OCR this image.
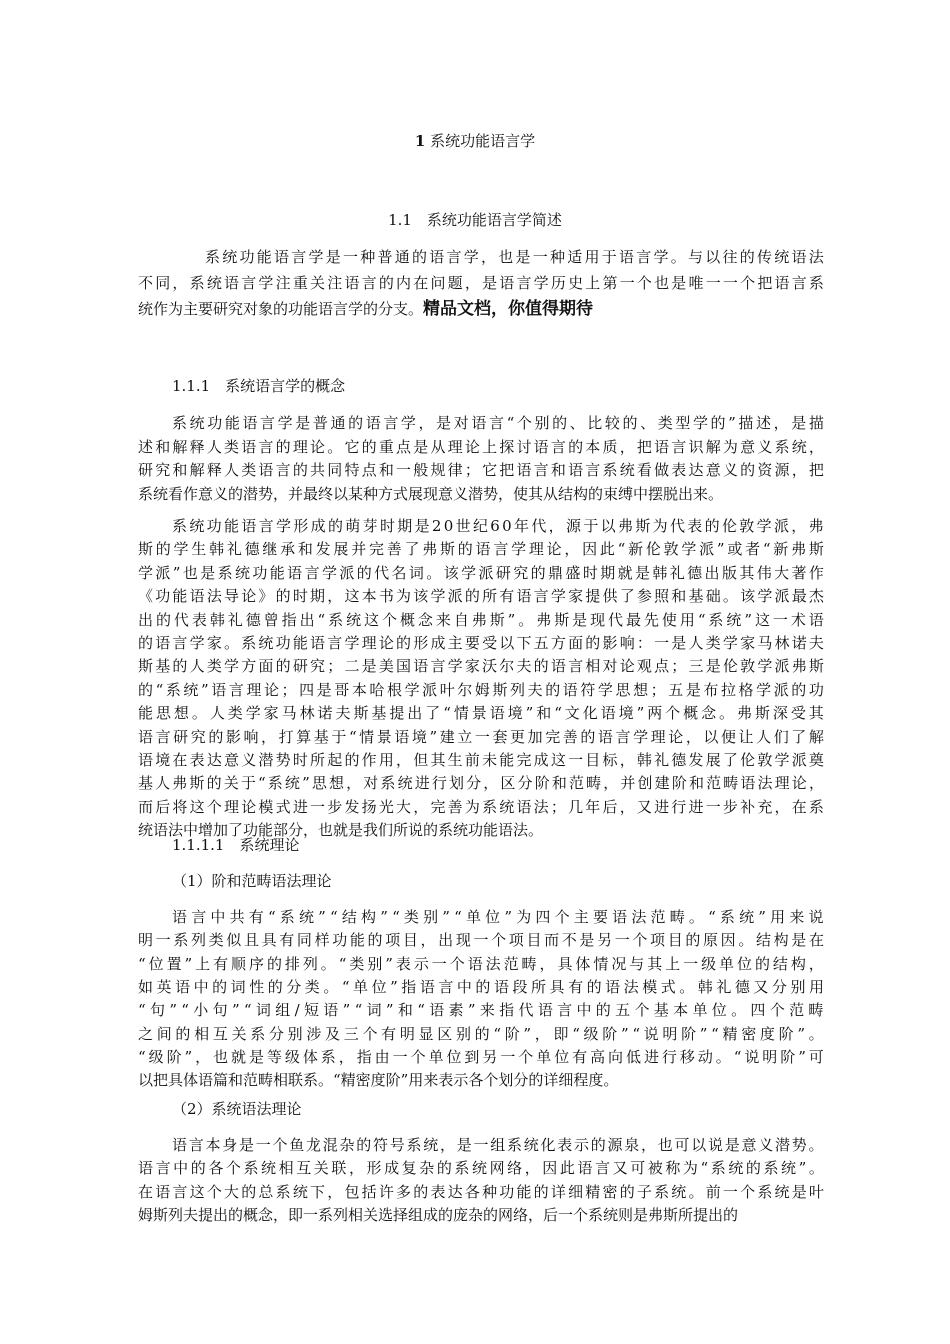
1 系统功能语言学
1.1　系统功能语言学简述
系 统 功 能 语 言 学 是 一 种 普 通 的 语 言 学 ， 也 是 一 种 适 用 于 语 言 学 。 与 以 往 的 传 统 语 法
不 同 ， 系 统 语 言 学 注 重 关 注 语 言 的 内 在 问 题 ， 是 语 言 学 历 史 上 第 一 个 也 是 唯 一 一 个 把 语 言 系
统作为主要研究对象的功能语言学的分支。精品文档，你值得期待
1.1.1　系统语言学的概念
系 统 功 能 语 言 学 是 普 通 的 语 言 学 ， 是 对 语 言 “ 个 别 的 、 比 较 的 、 类 型 学 的 ” 描 述 ， 是 描
述 和 解 释 人 类 语 言 的 理 论 。 它 的 重 点 是 从 理 论 上 探 讨 语 言 的 本 质 ， 把 语 言 识 解 为 意 义 系 统 ，
研 究 和 解 释 人 类 语 言 的 共 同 特 点 和 一 般 规 律 ； 它 把 语 言 和 语 言 系 统 看 做 表 达 意 义 的 资 源 ， 把
系统看作意义的潜势，并最终以某种方式展现意义潜势，使其从结构的束缚中摆脱出来。
系 统 功 能 语 言 学 形 成 的 萌 芽 时 期 是 2 0 世 纪 6 0 年 代 ， 源 于 以 弗 斯 为 代 表 的 伦 敦 学 派 ， 弗
斯 的 学 生 韩 礼 德 继 承 和 发 展 并 完 善 了 弗 斯 的 语 言 学 理 论 ， 因 此 “ 新 伦 敦 学 派 ” 或 者 “ 新 弗 斯
学 派 ” 也 是 系 统 功 能 语 言 学 派 的 代 名 词 。 该 学 派 研 究 的 鼎 盛 时 期 就 是 韩 礼 德 出 版 其 伟 大 著 作
《 功 能 语 法 导 论 》 的 时 期 ， 这 本 书 为 该 学 派 的 所 有 语 言 学 家 提 供 了 参 照 和 基 础 。 该 学 派 最 杰
出 的 代 表 韩 礼 德 曾 指 出 “ 系 统 这 个 概 念 来 自 弗 斯 ” 。 弗 斯 是 现 代 最 先 使 用 “ 系 统 ” 这 一 术 语
的 语 言 学 家 。 系 统 功 能 语 言 学 理 论 的 形 成 主 要 受 以 下 五 方 面 的 影 响 ： 一 是 人 类 学 家 马 林 诺 夫
斯 基 的 人 类 学 方 面 的 研 究 ； 二 是 美 国 语 言 学 家 沃 尔 夫 的 语 言 相 对 论 观 点 ； 三 是 伦 敦 学 派 弗 斯
的 “ 系 统 ” 语 言 理 论 ； 四 是 哥 本 哈 根 学 派 叶 尔 姆 斯 列 夫 的 语 符 学 思 想 ； 五 是 布 拉 格 学 派 的 功
能 思 想 。 人 类 学 家 马 林 诺 夫 斯 基 提 出 了 “ 情 景 语 境 ” 和 “ 文 化 语 境 ” 两 个 概 念 。 弗 斯 深 受 其
语 言 研 究 的 影 响 ， 打 算 基 于 “ 情 景 语 境 ” 建 立 一 套 更 加 完 善 的 语 言 学 理 论 ， 以 便 让 人 们 了 解
语 境 在 表 达 意 义 潜 势 时 所 起 的 作 用 ， 但 其 生 前 未 能 完 成 这 一 目 标 ， 韩 礼 德 发 展 了 伦 敦 学 派 奠
基 人 弗 斯 的 关 于 “ 系 统 ” 思 想 ， 对 系 统 进 行 划 分 ， 区 分 阶 和 范 畴 ， 并 创 建 阶 和 范 畴 语 法 理 论 ，
而 后 将 这 个 理 论 模 式 进 一 步 发 扬 光 大 ， 完 善 为 系 统 语 法 ； 几 年 后 ， 又 进 行 进 一 步 补 充 ， 在 系
统语法中增加了功能部分，也就是我们所说的系统功能语法。
1.1.1.1　系统理论
（1）阶和范畴语法理论
语 言 中 共 有 “ 系 统 ” “ 结 构 ” “ 类 别 ” “ 单 位 ” 为 四 个 主 要 语 法 范 畴 。 “ 系 统 ” 用 来 说
明 一 系 列 类 似 且 具 有 同 样 功 能 的 项 目 ， 出 现 一 个 项 目 而 不 是 另 一 个 项 目 的 原 因 。 结 构 是 在
“ 位 置 ” 上 有 顺 序 的 排 列 。 “ 类 别 ” 表 示 一 个 语 法 范 畴 ， 具 体 情 况 与 其 上 一 级 单 位 的 结 构 ，
如 英 语 中 的 词 性 的 分 类 。 “ 单 位 ” 指 语 言 中 的 语 段 所 具 有 的 语 法 模 式 。 韩 礼 德 又 分 别 用
“ 句 ” “ 小 句 ” “ 词 组 / 短 语 ” “ 词 ” 和 “ 语 素 ” 来 指 代 语 言 中 的 五 个 基 本 单 位 。 四 个 范 畴
之 间 的 相 互 关 系 分 别 涉 及 三 个 有 明 显 区 别 的 “ 阶 ” ， 即 “ 级 阶 ” “ 说 明 阶 ” “ 精 密 度 阶 ” 。
“ 级 阶 ” ， 也 就 是 等 级 体 系 ， 指 由 一 个 单 位 到 另 一 个 单 位 有 高 向 低 进 行 移 动 。 “ 说 明 阶 ” 可
以把具体语篇和范畴相联系。“精密度阶”用来表示各个划分的详细程度。
（2）系统语法理论
语 言 本 身 是 一 个 鱼 龙 混 杂 的 符 号 系 统 ， 是 一 组 系 统 化 表 示 的 源 泉 ， 也 可 以 说 是 意 义 潜 势 。
语 言 中 的 各 个 系 统 相 互 关 联 ， 形 成 复 杂 的 系 统 网 络 ， 因 此 语 言 又 可 被 称 为 “ 系 统 的 系 统 ” 。
在 语 言 这 个 大 的 总 系 统 下 ， 包 括 许 多 的 表 达 各 种 功 能 的 详 细 精 密 的 子 系 统 。 前 一 个 系 统 是 叶
姆斯列夫提出的概念，即一系列相关选择组成的庞杂的网络，后一个系统则是弗斯所提出的
